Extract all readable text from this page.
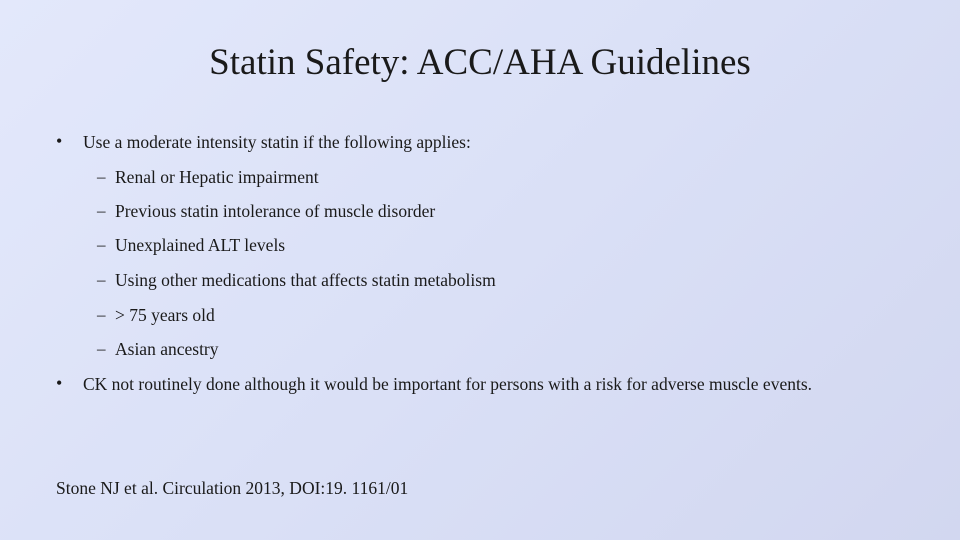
Statin Safety: ACC/AHA Guidelines
• Use a moderate intensity statin if the following applies:
– Renal or Hepatic impairment
– Previous statin intolerance of muscle disorder
– Unexplained ALT levels
– Using other medications that affects statin metabolism
– > 75 years old
– Asian ancestry
• CK not routinely done although it would be important for persons with a risk for adverse muscle events.
Stone NJ et al. Circulation 2013, DOI:19. 1161/01
